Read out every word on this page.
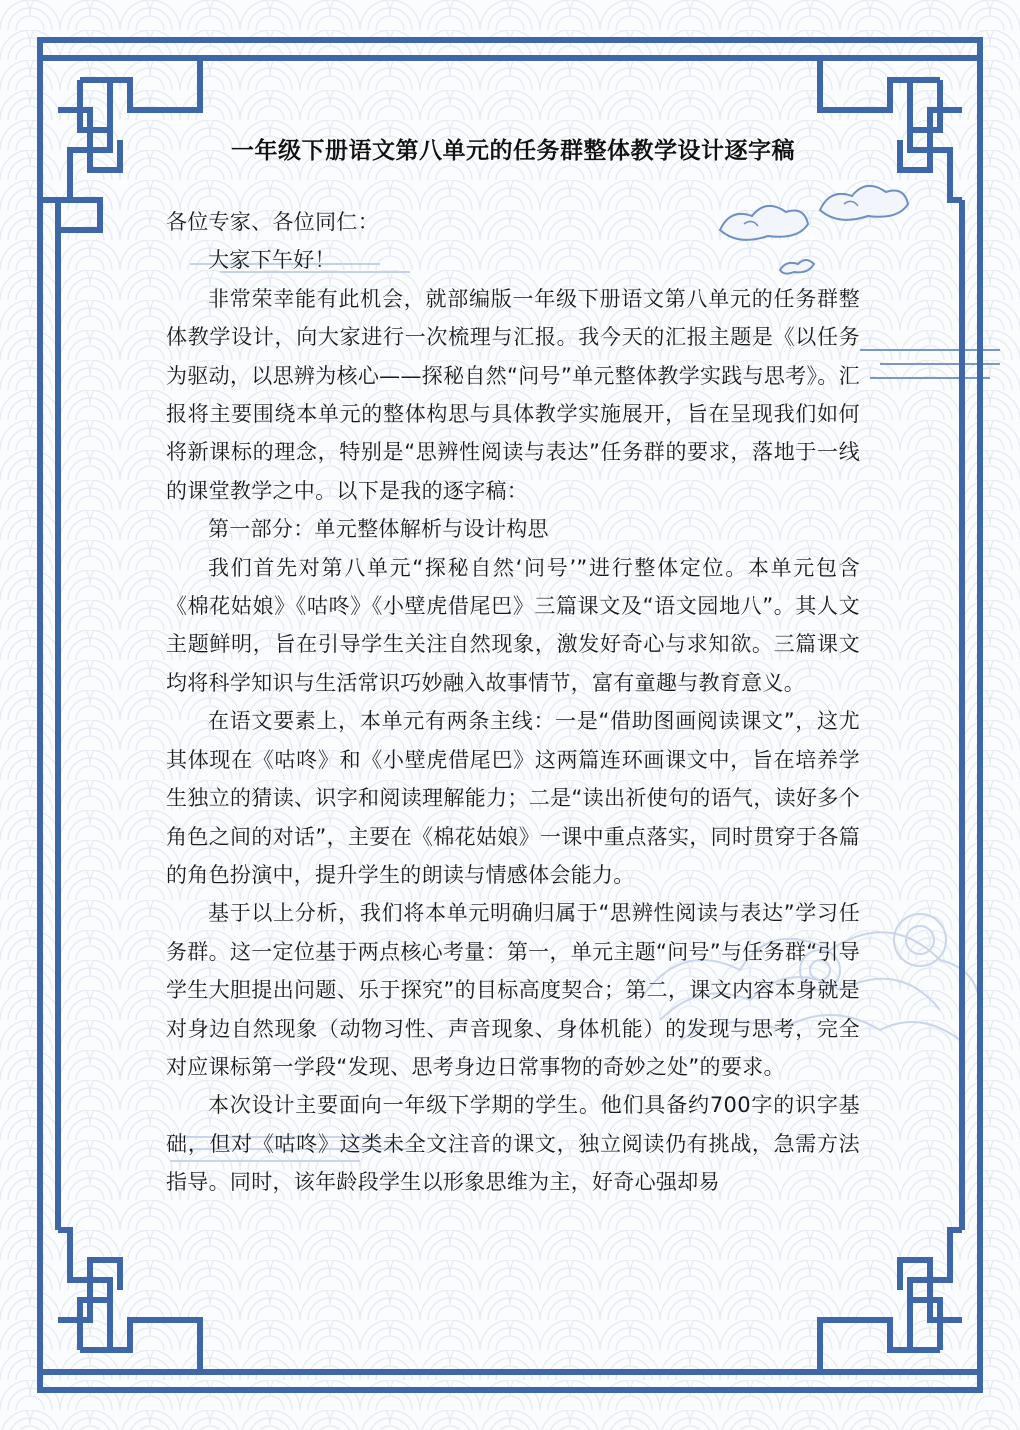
一年级下册语文第八单元的任务群整体教学设计逐字稿

各位专家、各位同仁：

大家下午好！

非常荣幸能有此机会，就部编版一年级下册语文第八单元的任务群整体教学设计，向大家进行一次梳理与汇报。我今天的汇报主题是《以任务为驱动，以思辨为核心——探秘自然“问号”单元整体教学实践与思考》。汇报将主要围绕本单元的整体构思与具体教学实施展开，旨在呈现我们如何将新课标的理念，特别是“思辨性阅读与表达”任务群的要求，落地于一线的课堂教学之中。以下是我的逐字稿：

第一部分：单元整体解析与设计构思

我们首先对第八单元“探秘自然‘问号’”进行整体定位。本单元包含《棉花姑娘》《咕咚》《小壁虎借尾巴》三篇课文及“语文园地八”。其人文主题鲜明，旨在引导学生关注自然现象，激发好奇心与求知欲。三篇课文均将科学知识与生活常识巧妙融入故事情节，富有童趣与教育意义。

在语文要素上，本单元有两条主线：一是“借助图画阅读课文”，这尤其体现在《咕咚》和《小壁虎借尾巴》这两篇连环画课文中，旨在培养学生独立的猜读、识字和阅读理解能力；二是“读出祈使句的语气，读好多个角色之间的对话”，主要在《棉花姑娘》一课中重点落实，同时贯穿于各篇的角色扮演中，提升学生的朗读与情感体会能力。

基于以上分析，我们将本单元明确归属于“思辨性阅读与表达”学习任务群。这一定位基于两点核心考量：第一，单元主题“问号”与任务群“引导学生大胆提出问题、乐于探究”的目标高度契合；第二，课文内容本身就是对身边自然现象（动物习性、声音现象、身体机能）的发现与思考，完全对应课标第一学段“发现、思考身边日常事物的奇妙之处”的要求。

本次设计主要面向一年级下学期的学生。他们具备约700字的识字基础，但对《咕咚》这类未全文注音的课文，独立阅读仍有挑战，急需方法指导。同时，该年龄段学生以形象思维为主，好奇心强却易
